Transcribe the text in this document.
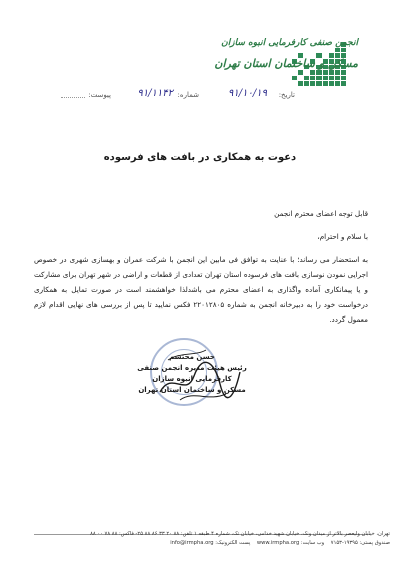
انجمن صنفی کارفرمایی انبوه سازان
مسکن و ساختمان استان تهران
تاریخ:
۹۱/۱۰/۱۹
شماره:
۹۱/۱۱۴۲
پیوست:
دعوت به همکاری در بافت های فرسوده

قابل توجه اعضای محترم انجمن

با سلام و احترام،

به استحضار می رساند؛ با عنایت به توافق فی مابین این انجمن با شرکت عمران و بهسازی شهری در خصوص اجرایی نمودن نوسازی بافت های فرسوده استان تهران تعدادی از قطعات و اراضی در شهر تهران برای مشارکت و یا پیمانکاری آماده واگذاری به اعضای محترم می باشدلذا خواهشمند است در صورت تمایل به همکاری درخواست خود را به دبیرخانه انجمن به شماره ۲۲۰۱۲۸۰۵ فکس نمایید تا پس از بررسی های نهایی اقدام لازم معمول گردد.

حسن محتشم
رئیس هیئت مدیره انجمن صنفی کارفرمایی انبوه سازان
مسکن و ساختمان استان تهران
تهران، خیابان ولیعصر بالاتر از میدان ونک، خیابان شهید خدامی، خیابان تک، شماره ۴ طبقه ۱ تلفن: ۸۸ ۲۰ ۳۳ ۸۶ ۸۸ ۲۵- فاکس: ۸۸ ۷۸ ۰۰ ۸۸
صندوق پستی: ۱۹۳۹۵-۷۱۵۳    وب سایت: www.irmpha.org    پست الکترونیک: info@irmpha.org
